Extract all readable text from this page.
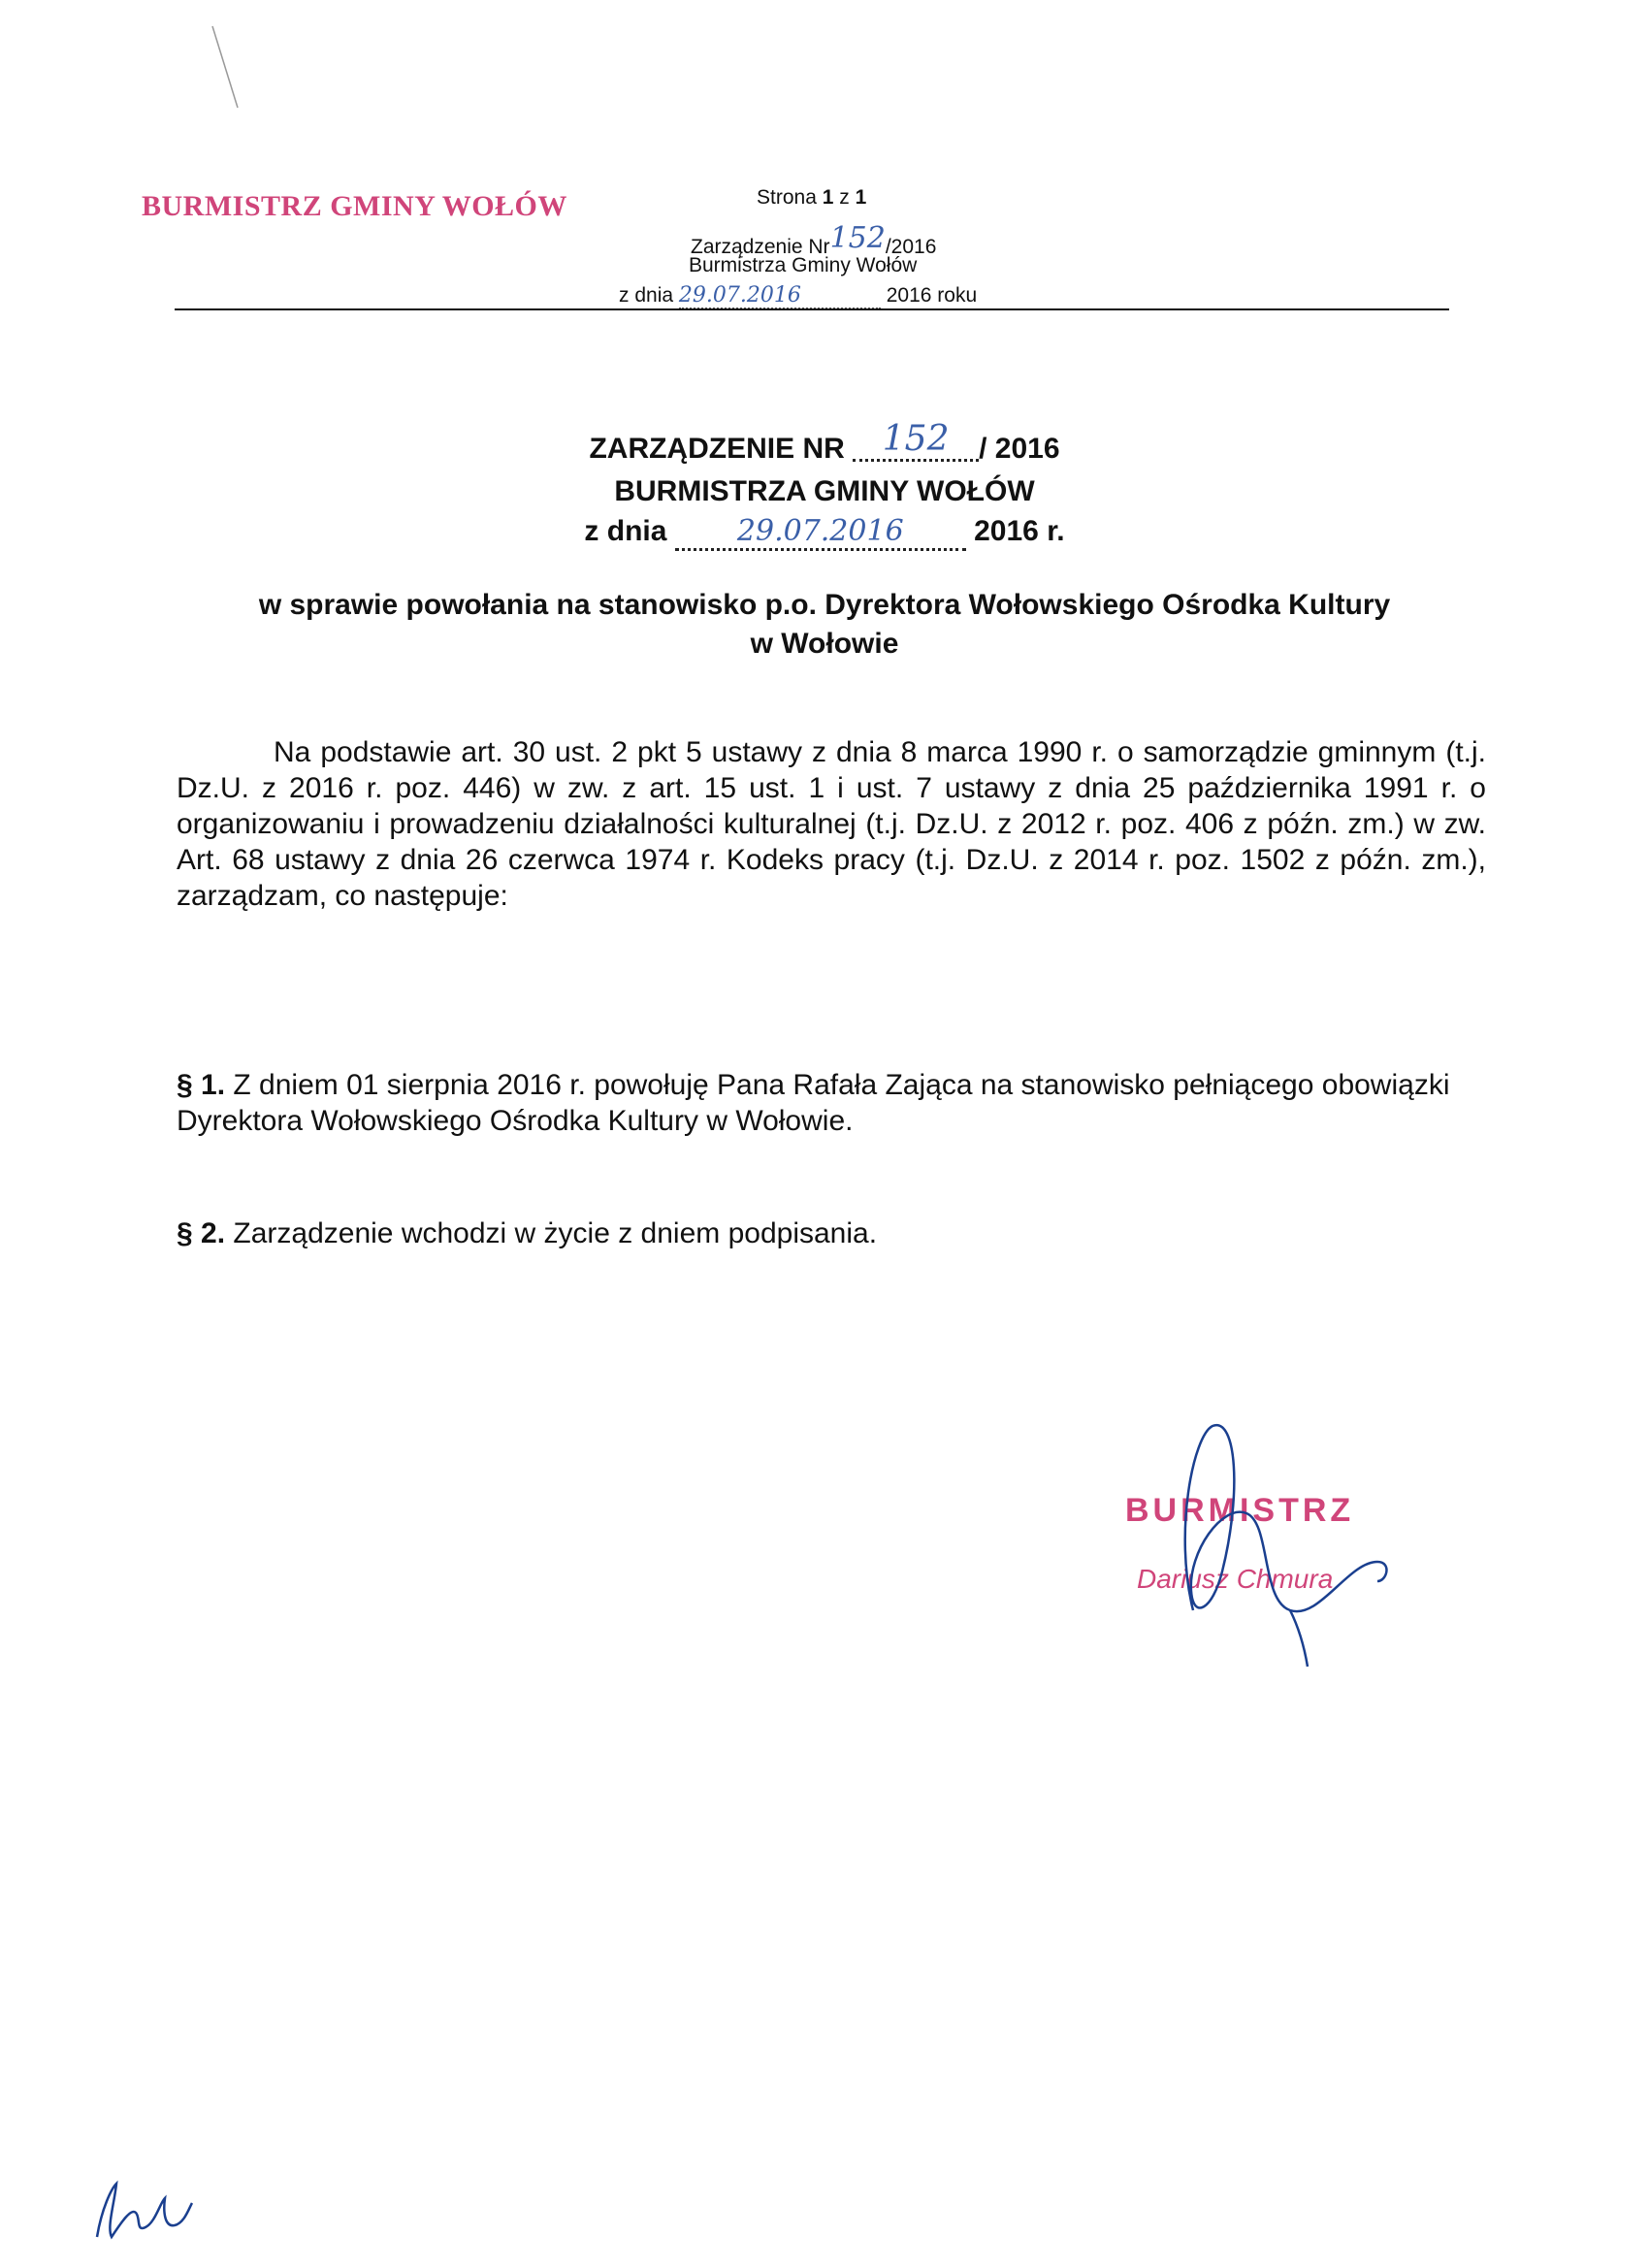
BURMISTRZ GMINY WOŁÓW	Strona 1 z 1
Zarządzenie Nr152/2016
Burmistrza Gminy Wołów
z dnia 29.07.2016	2016 roku
ZARZĄDZENIE NR 152 / 2016
BURMISTRZA GMINY WOŁÓW
z dnia 29.07.2016 2016 r.
w sprawie powołania na stanowisko p.o. Dyrektora Wołowskiego Ośrodka Kultury
w Wołowie
Na podstawie art. 30 ust. 2 pkt 5 ustawy z dnia 8 marca 1990 r. o samorządzie gminnym (t.j. Dz.U. z 2016 r. poz. 446) w zw. z art. 15 ust. 1 i ust. 7 ustawy z dnia 25 października 1991 r. o organizowaniu i prowadzeniu działalności kulturalnej (t.j. Dz.U. z 2012 r. poz. 406 z późn. zm.) w zw. Art. 68 ustawy z dnia 26 czerwca 1974 r. Kodeks pracy (t.j. Dz.U. z 2014 r. poz. 1502 z późn. zm.), zarządzam, co następuje:
§ 1. Z dniem 01 sierpnia 2016 r. powołuję Pana Rafała Zająca na stanowisko pełniącego obowiązki Dyrektora Wołowskiego Ośrodka Kultury w Wołowie.
§ 2. Zarządzenie wchodzi w życie z dniem podpisania.
BURMISTRZ
Dariusz Chmura
